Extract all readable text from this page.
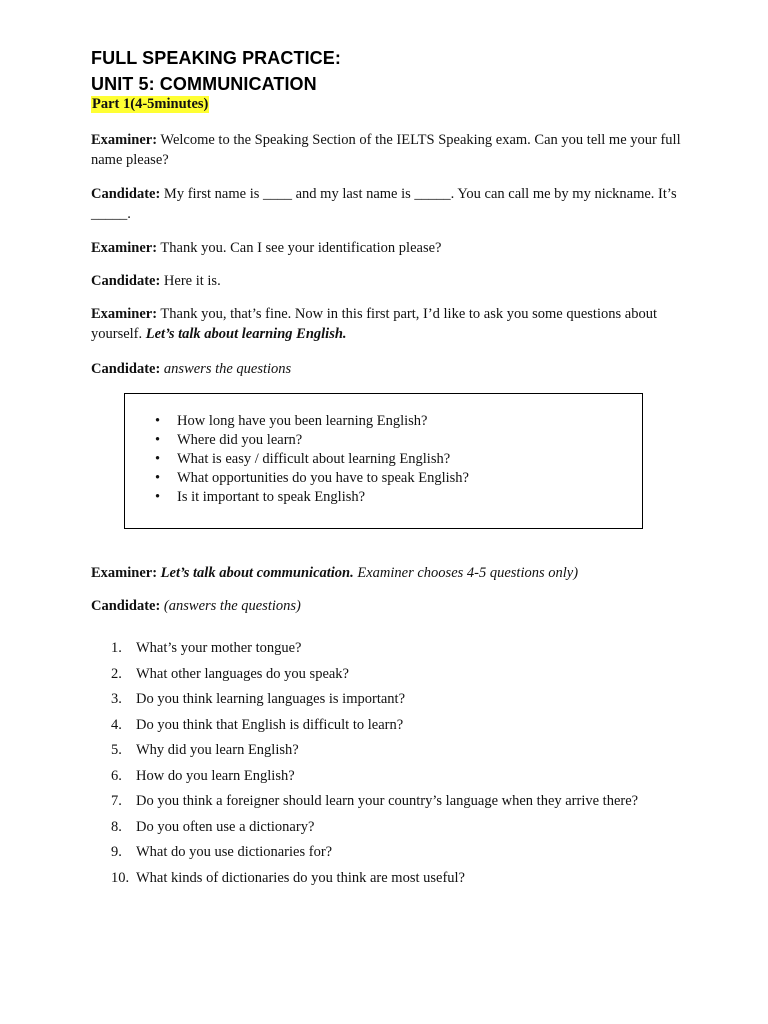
FULL SPEAKING PRACTICE:
UNIT 5: COMMUNICATION
Part 1(4-5minutes)
Examiner: Welcome to the Speaking Section of the IELTS Speaking exam. Can you tell me your full name please?
Candidate: My first name is ____ and my last name is _____. You can call me by my nickname. It’s _____.
Examiner: Thank you. Can I see your identification please?
Candidate: Here it is.
Examiner: Thank you, that’s fine. Now in this first part, I’d like to ask you some questions about yourself. Let’s talk about learning English.
Candidate: answers the questions
• How long have you been learning English?
• Where did you learn?
• What is easy / difficult about learning English?
• What opportunities do you have to speak English?
• Is it important to speak English?
Examiner: Let’s talk about communication. Examiner chooses 4-5 questions only)
Candidate: (answers the questions)
1. What’s your mother tongue?
2. What other languages do you speak?
3. Do you think learning languages is important?
4. Do you think that English is difficult to learn?
5. Why did you learn English?
6. How do you learn English?
7. Do you think a foreigner should learn your country’s language when they arrive there?
8. Do you often use a dictionary?
9. What do you use dictionaries for?
10. What kinds of dictionaries do you think are most useful?
